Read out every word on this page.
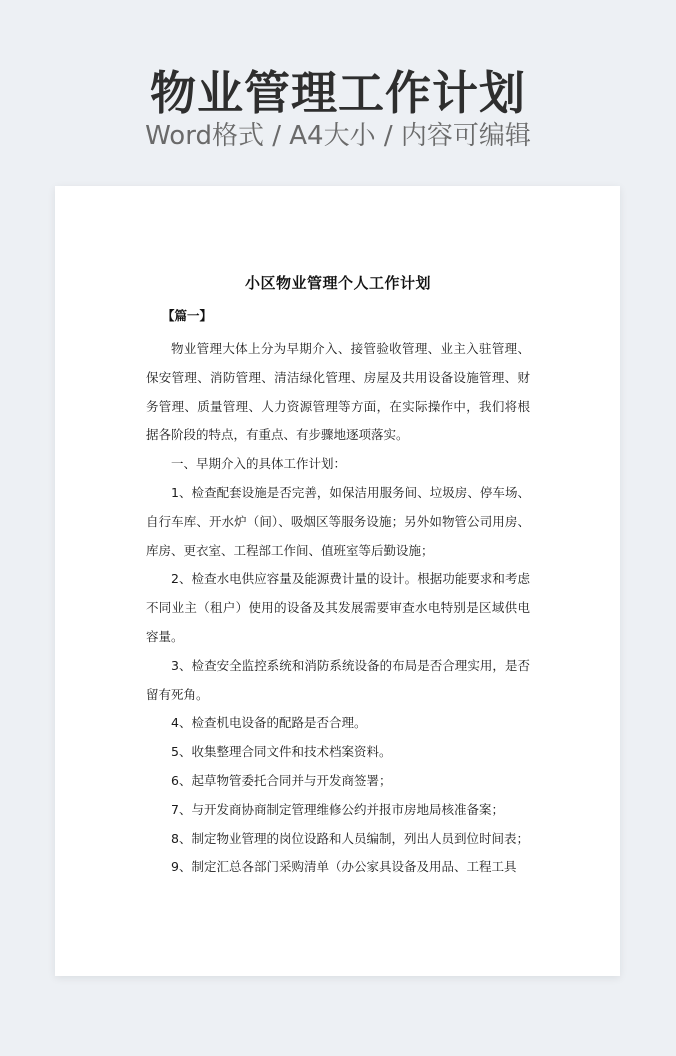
物业管理工作计划
Word格式 / A4大小 / 内容可编辑
小区物业管理个人工作计划
【篇一】

物业管理大体上分为早期介入、接管验收管理、业主入驻管理、保安管理、消防管理、清洁绿化管理、房屋及共用设备设施管理、财务管理、质量管理、人力资源管理等方面，在实际操作中，我们将根据各阶段的特点，有重点、有步骤地逐项落实。

一、早期介入的具体工作计划：

1、检查配套设施是否完善，如保洁用服务间、垃圾房、停车场、自行车库、开水炉（间）、吸烟区等服务设施；另外如物管公司用房、库房、更衣室、工程部工作间、值班室等后勤设施；

2、检查水电供应容量及能源费计量的设计。根据功能要求和考虑不同业主（租户）使用的设备及其发展需要审查水电特别是区域供电容量。

3、检查安全监控系统和消防系统设备的布局是否合理实用，是否留有死角。

4、检查机电设备的配路是否合理。

5、收集整理合同文件和技术档案资料。

6、起草物管委托合同并与开发商签署；

7、与开发商协商制定管理维修公约并报市房地局核准备案；

8、制定物业管理的岗位设路和人员编制，列出人员到位时间表；

9、制定汇总各部门采购清单（办公家具设备及用品、工程工具
